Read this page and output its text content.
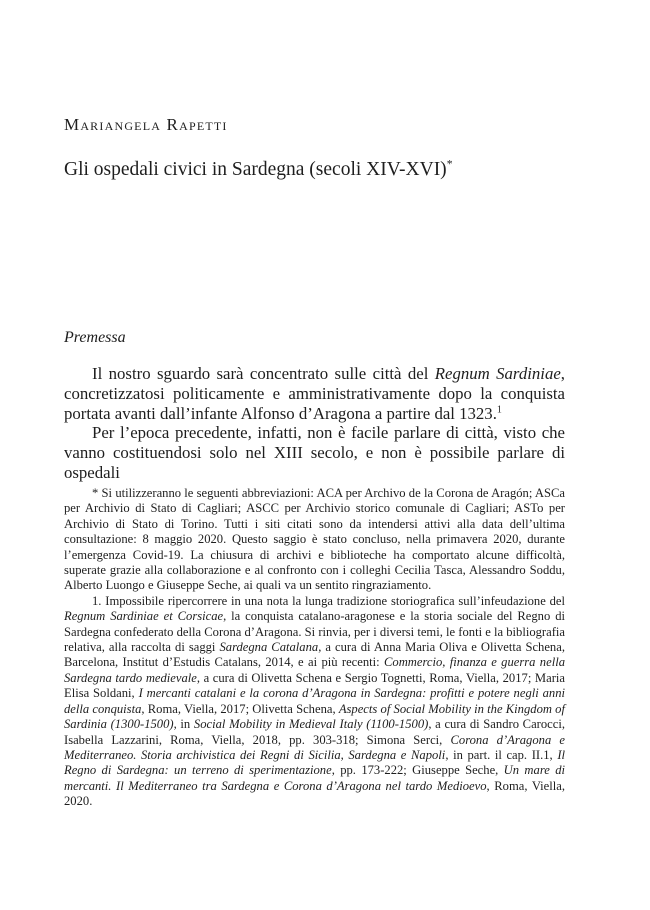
Mariangela Rapetti
Gli ospedali civici in Sardegna (secoli XIV-XVI)*
Premessa

Il nostro sguardo sarà concentrato sulle città del Regnum Sardiniae, concretizzatosi politicamente e amministrativamente dopo la conquista portata avanti dall’infante Alfonso d’Aragona a partire dal 1323.$^1$

Per l’epoca precedente, infatti, non è facile parlare di città, visto che vanno costituendosi solo nel XIII secolo, e non è possibile parlare di ospedali

* Si utilizzeranno le seguenti abbreviazioni: ACA per Archivo de la Corona de Aragón; ASCa per Archivio di Stato di Cagliari; ASCC per Archivio storico comunale di Cagliari; ASTo per Archivio di Stato di Torino. Tutti i siti citati sono da intendersi attivi alla data dell’ultima consultazione: 8 maggio 2020. Questo saggio è stato concluso, nella primavera 2020, durante l’emergenza Covid-19. La chiusura di archivi e biblioteche ha comportato alcune difficoltà, superate grazie alla collaborazione e al confronto con i colleghi Cecilia Tasca, Alessandro Soddu, Alberto Luongo e Giuseppe Seche, ai quali va un sentito ringraziamento.

1. Impossibile ripercorrere in una nota la lunga tradizione storiografica sull’infeudazione del Regnum Sardiniae et Corsicae, la conquista catalano-aragonese e la storia sociale del Regno di Sardegna confederato della Corona d’Aragona. Si rinvia, per i diversi temi, le fonti e la bibliografia relativa, alla raccolta di saggi Sardegna Catalana, a cura di Anna Maria Oliva e Olivetta Schena, Barcelona, Institut d’Estudis Catalans, 2014, e ai più recenti: Commercio, finanza e guerra nella Sardegna tardo medievale, a cura di Olivetta Schena e Sergio Tognetti, Roma, Viella, 2017; Maria Elisa Soldani, I mercanti catalani e la corona d’Aragona in Sardegna: profitti e potere negli anni della conquista, Roma, Viella, 2017; Olivetta Schena, Aspects of Social Mobility in the Kingdom of Sardinia (1300-1500), in Social Mobility in Medieval Italy (1100-1500), a cura di Sandro Carocci, Isabella Lazzarini, Roma, Viella, 2018, pp. 303-318; Simona Serci, Corona d’Aragona e Mediterraneo. Storia archivistica dei Regni di Sicilia, Sardegna e Napoli, in part. il cap. II.1, Il Regno di Sardegna: un terreno di sperimentazione, pp. 173-222; Giuseppe Seche, Un mare di mercanti. Il Mediterraneo tra Sardegna e Corona d’Aragona nel tardo Medioevo, Roma, Viella, 2020.
